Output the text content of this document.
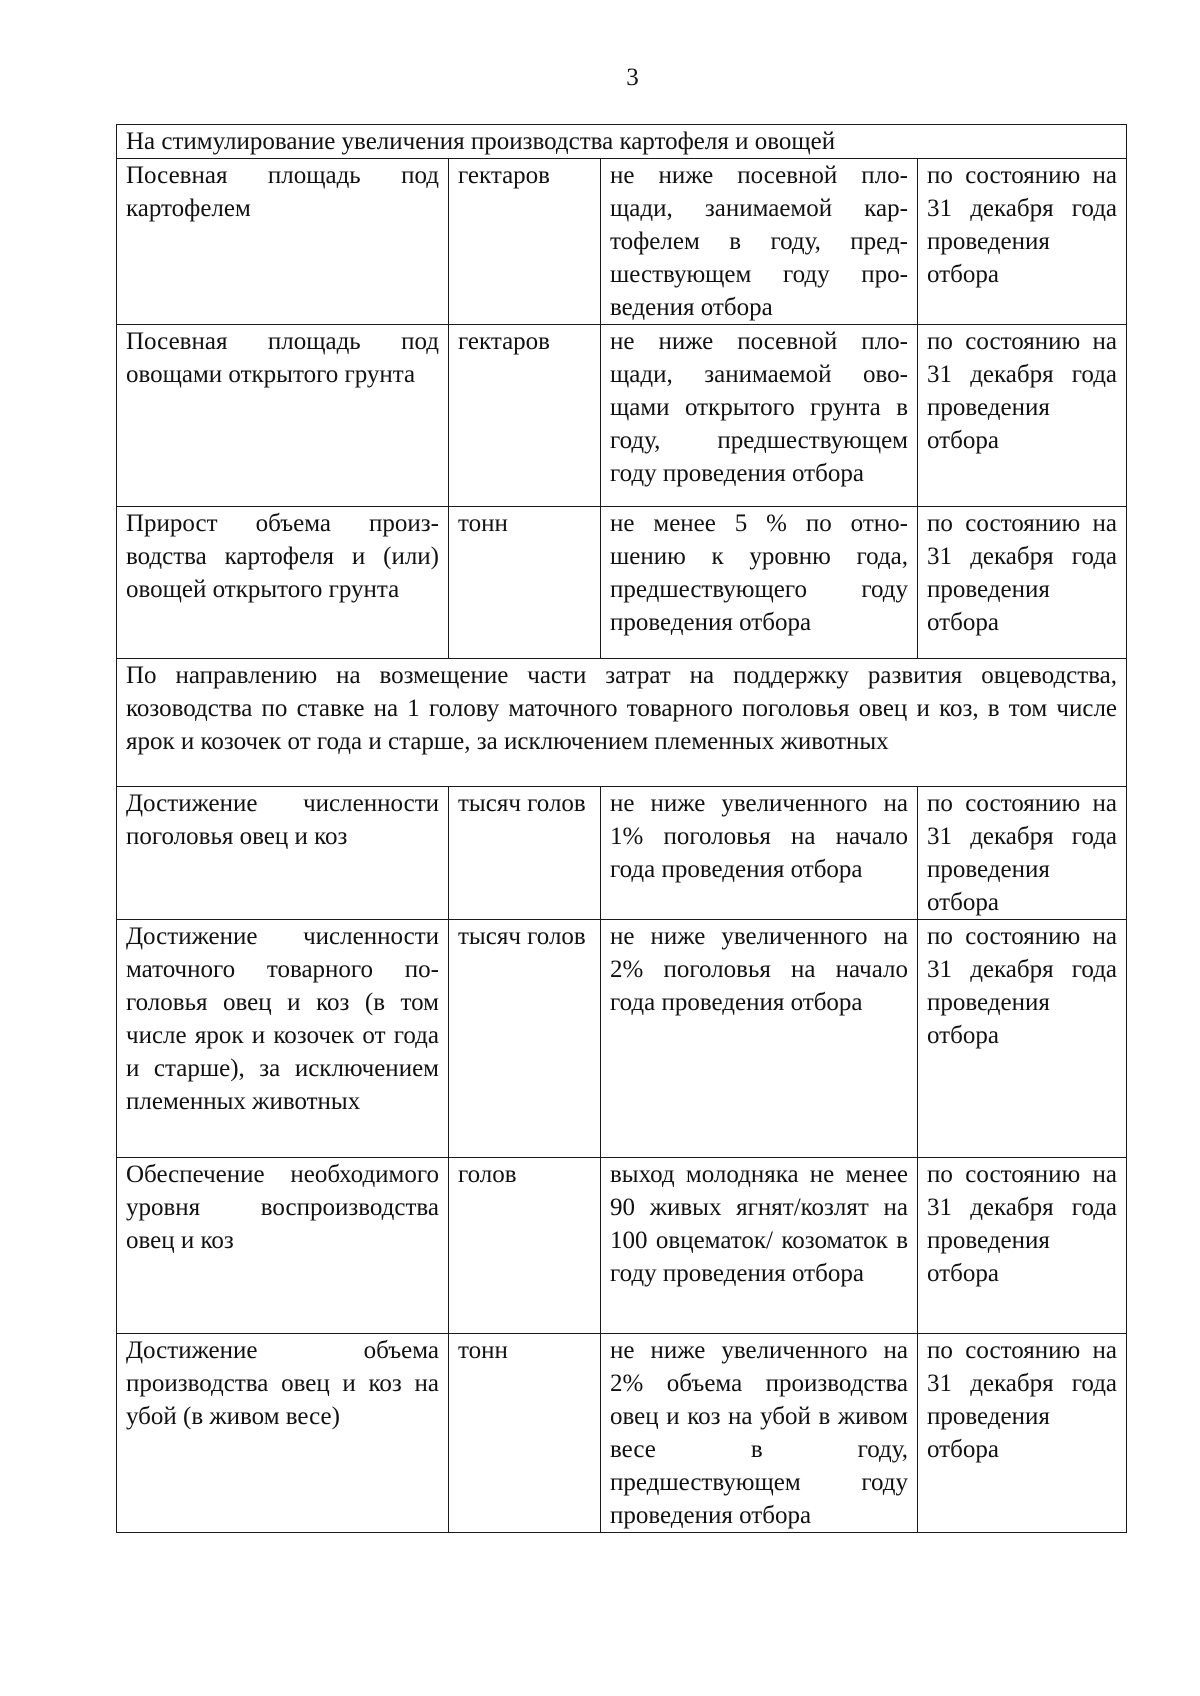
3
На стимулирование увеличения производства картофеля и овощей			
Посевная площадь под картофелем	гектаров	не ниже посевной площади, занимаемой картофелем в году, предшествующем году проведения отбора	по состоянию на 31 декабря года проведения отбора
Посевная площадь под овощами открытого грунта	гектаров	не ниже посевной площади, занимаемой овощами открытого грунта в году, предшествующем году проведения отбора	по состоянию на 31 декабря года проведения отбора
Прирост объема производства картофеля и (или) овощей открытого грунта	тонн	не менее 5 % по отношению к уровню года, предшествующего году проведения отбора	по состоянию на 31 декабря года проведения отбора
По направлению на возмещение части затрат на поддержку развития овцеводства, козоводства по ставке на 1 голову маточного товарного поголовья овец и коз, в том числе ярок и козочек от года и старше, за исключением племенных животных			
Достижение численности поголовья овец и коз	тысяч голов	не ниже увеличенного на 1% поголовья на начало года проведения отбора	по состоянию на 31 декабря года проведения отбора
Достижение численности маточного товарного поголовья овец и коз (в том числе ярок и козочек от года и старше), за исключением племенных животных	тысяч голов	не ниже увеличенного на 2% поголовья на начало года проведения отбора	по состоянию на 31 декабря года проведения отбора
Обеспечение необходимого уровня воспроизводства овец и коз	голов	выход молодняка не менее 90 живых ягнят/козлят на 100 овцематок/ козоматок в году проведения отбора	по состоянию на 31 декабря года проведения отбора
Достижение объема производства овец и коз на убой (в живом весе)	тонн	не ниже увеличенного на 2% объема производства овец и коз на убой в живом весе в году, предшествующем году проведения отбора	по состоянию на 31 декабря года проведения отбора
